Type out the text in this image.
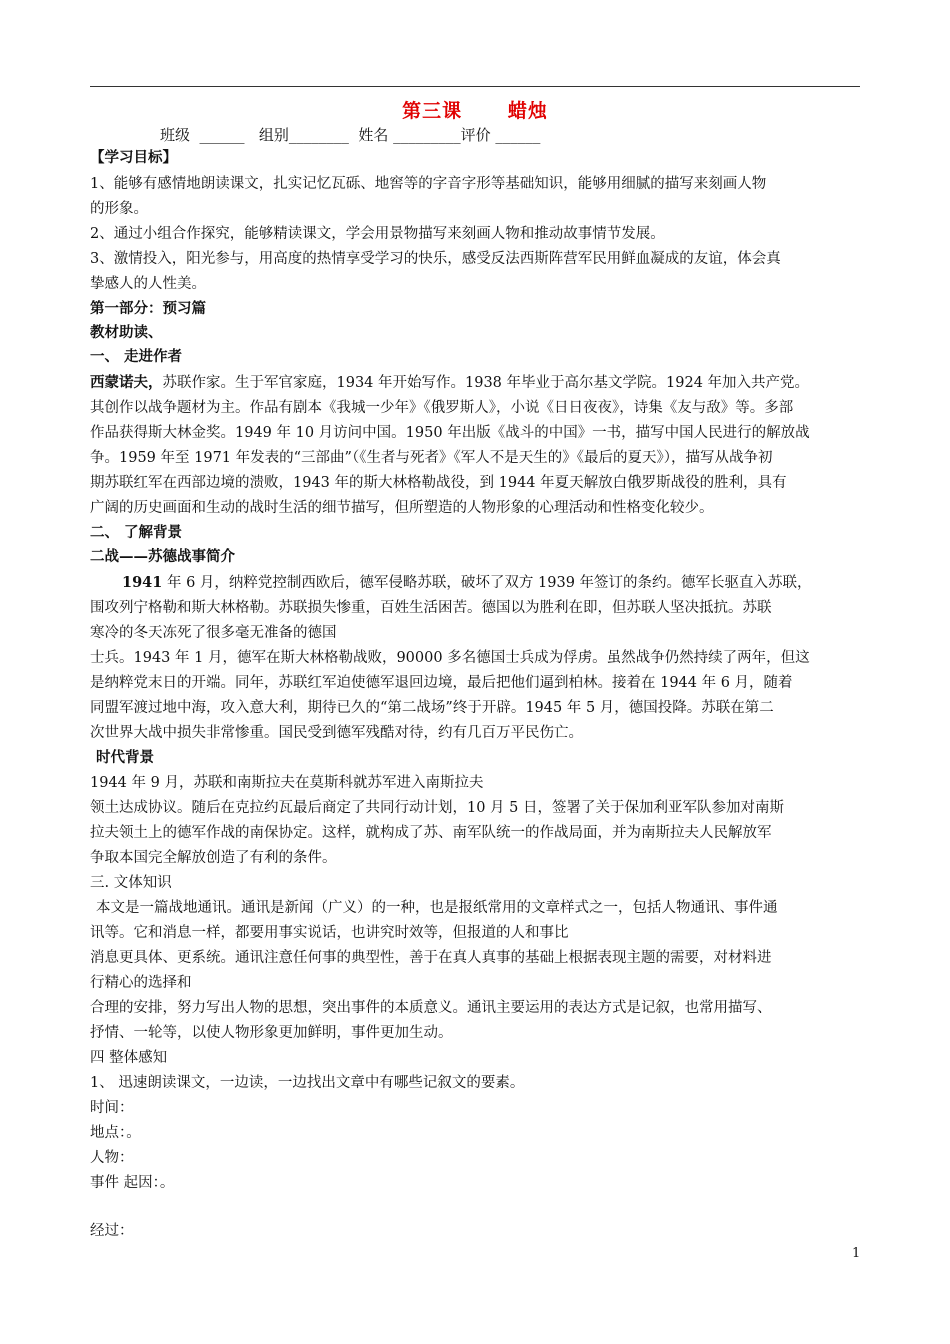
第三课      蜡烛
班级  ______   组别________  姓名 _________评价 ______
【学习目标】
1、能够有感情地朗读课文，扎实记忆瓦砾、地窖等的字音字形等基础知识，能够用细腻的描写来刻画人物
的形象。
2、通过小组合作探究，能够精读课文，学会用景物描写来刻画人物和推动故事情节发展。
3、激情投入，阳光参与，用高度的热情享受学习的快乐，感受反法西斯阵营军民用鲜血凝成的友谊，体会真
挚感人的人性美。
第一部分：预习篇
教材助读、
一、 走进作者
西蒙诺夫，苏联作家。生于军官家庭，1934 年开始写作。1938 年毕业于高尔基文学院。1924 年加入共产党。
其创作以战争题材为主。作品有剧本《我城一少年》《俄罗斯人》，小说《日日夜夜》，诗集《友与敌》等。多部
作品获得斯大林金奖。1949 年 10 月访问中国。1950 年出版《战斗的中国》一书，描写中国人民进行的解放战
争。1959 年至 1971 年发表的“三部曲”（《生者与死者》《军人不是天生的》《最后的夏天》），描写从战争初
期苏联红军在西部边境的溃败，1943 年的斯大林格勒战役，到 1944 年夏天解放白俄罗斯战役的胜利，具有
广阔的历史画面和生动的战时生活的细节描写，但所塑造的人物形象的心理活动和性格变化较少。
二、 了解背景
二战——苏德战事简介
1941 年 6 月，纳粹党控制西欧后，德军侵略苏联，破坏了双方 1939 年签订的条约。德军长驱直入苏联，
围攻列宁格勒和斯大林格勒。苏联损失惨重，百姓生活困苦。德国以为胜利在即，但苏联人坚决抵抗。苏联
寒冷的冬天冻死了很多毫无准备的德国
士兵。1943 年 1 月，德军在斯大林格勒战败，90000 多名德国士兵成为俘虏。虽然战争仍然持续了两年，但这
是纳粹党末日的开端。同年，苏联红军迫使德军退回边境，最后把他们逼到柏林。接着在 1944 年 6 月，随着
同盟军渡过地中海，攻入意大利，期待已久的“第二战场”终于开辟。1945 年 5 月，德国投降。苏联在第二
次世界大战中损失非常惨重。国民受到德军残酷对待，约有几百万平民伤亡。
时代背景
1944 年 9 月，苏联和南斯拉夫在莫斯科就苏军进入南斯拉夫
领土达成协议。随后在克拉约瓦最后商定了共同行动计划，10 月 5 日，签署了关于保加利亚军队参加对南斯
拉夫领土上的德军作战的南保协定。这样，就构成了苏、南军队统一的作战局面，并为南斯拉夫人民解放军
争取本国完全解放创造了有利的条件。
三. 文体知识
本文是一篇战地通讯。通讯是新闻（广义）的一种，也是报纸常用的文章样式之一，包括人物通讯、事件通
讯等。它和消息一样，都要用事实说话，也讲究时效等，但报道的人和事比
消息更具体、更系统。通讯注意任何事的典型性，善于在真人真事的基础上根据表现主题的需要，对材料进
行精心的选择和
合理的安排，努力写出人物的思想，突出事件的本质意义。通讯主要运用的表达方式是记叙，也常用描写、
抒情、一轮等，以使人物形象更加鲜明，事件更加生动。
四 整体感知
1、 迅速朗读课文，一边读，一边找出文章中有哪些记叙文的要素。
时间：
地点：。
人物：
事件 起因：。
经过：
1
